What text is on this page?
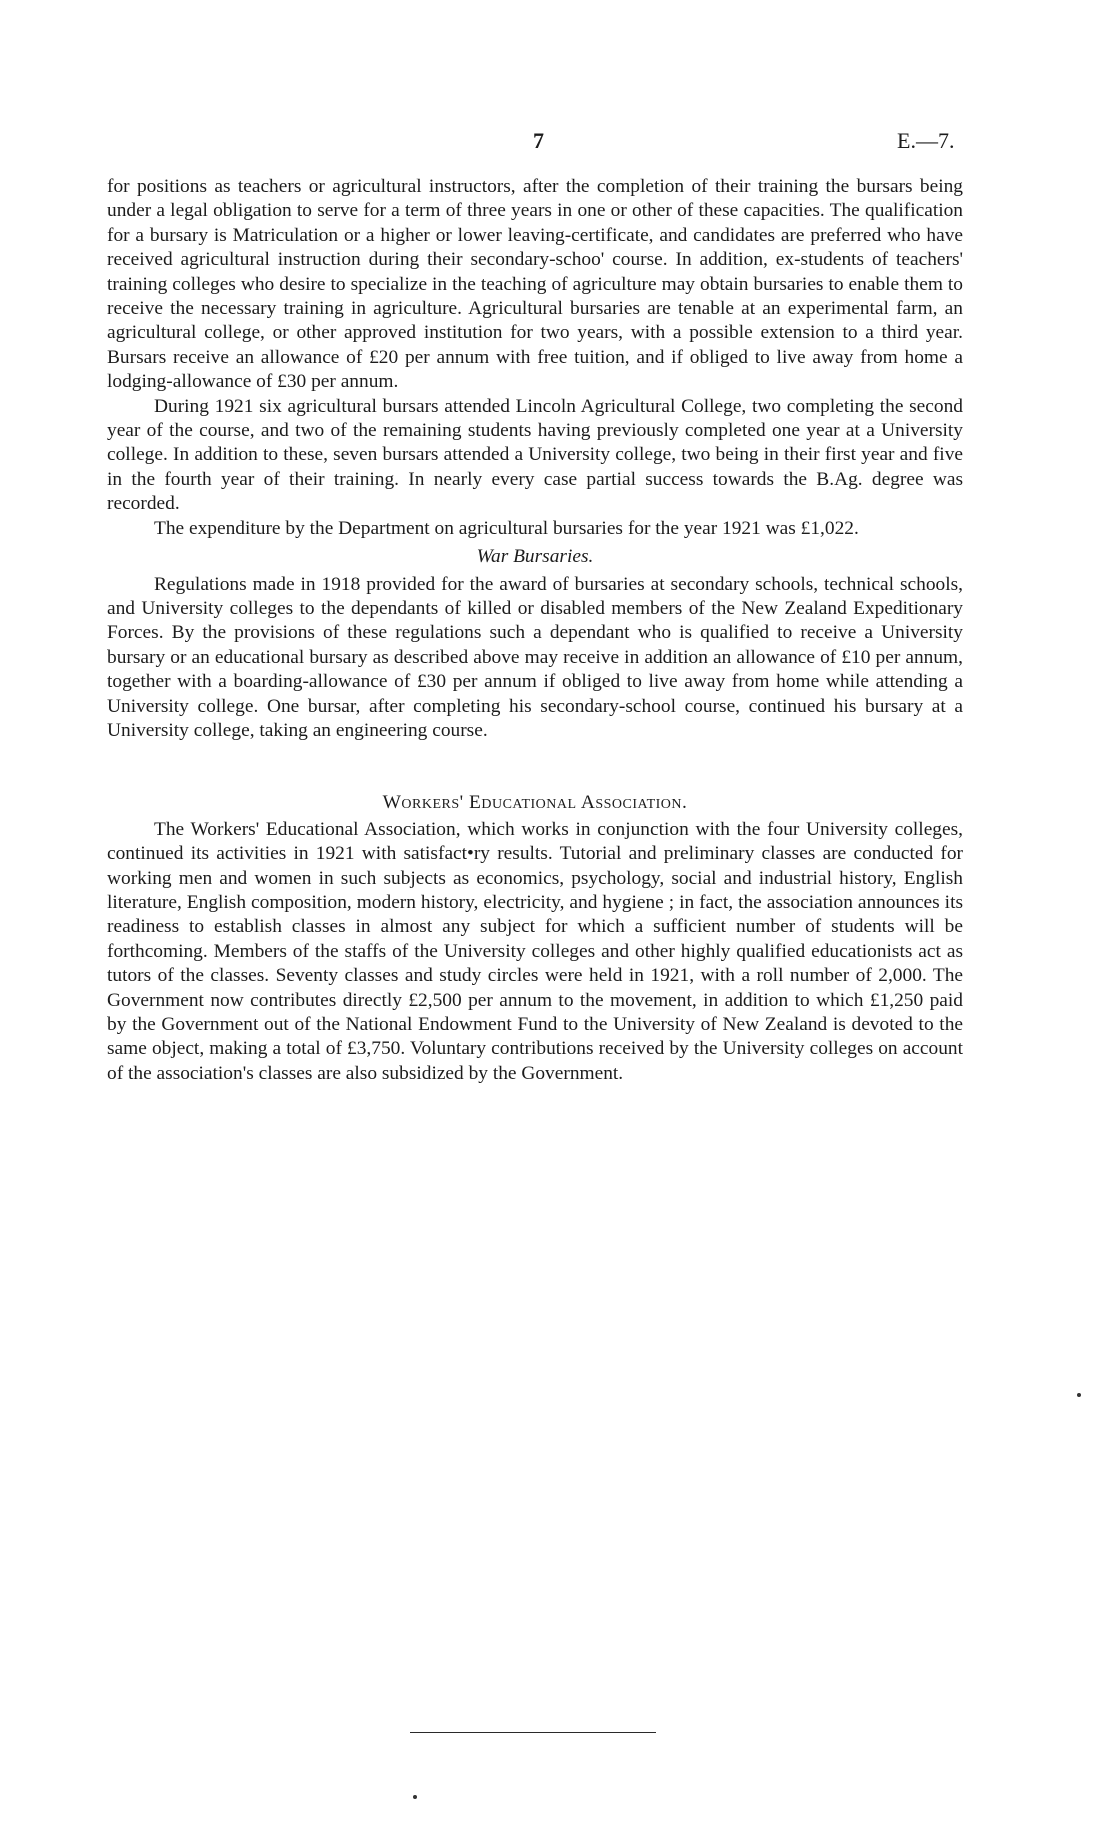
7	E.—7.

for positions as teachers or agricultural instructors, after the completion of their training the bursars being under a legal obligation to serve for a term of three years in one or other of these capacities. The qualification for a bursary is Matriculation or a higher or lower leaving-certificate, and candidates are preferred who have received agricultural instruction during their secondary-schoo' course. In addition, ex-students of teachers' training colleges who desire to specialize in the teaching of agriculture may obtain bursaries to enable them to receive the necessary training in agriculture. Agricultural bursaries are tenable at an experimental farm, an agricultural college, or other approved institution for two years, with a possible extension to a third year. Bursars receive an allowance of £20 per annum with free tuition, and if obliged to live away from home a lodging-allowance of £30 per annum.

During 1921 six agricultural bursars attended Lincoln Agricultural College, two completing the second year of the course, and two of the remaining students having previously completed one year at a University college. In addition to these, seven bursars attended a University college, two being in their first year and five in the fourth year of their training. In nearly every case partial success towards the B.Ag. degree was recorded.

The expenditure by the Department on agricultural bursaries for the year 1921 was £1,022.

War Bursaries.

Regulations made in 1918 provided for the award of bursaries at secondary schools, technical schools, and University colleges to the dependants of killed or disabled members of the New Zealand Expeditionary Forces. By the provisions of these regulations such a dependant who is qualified to receive a University bursary or an educational bursary as described above may receive in addition an allowance of £10 per annum, together with a boarding-allowance of £30 per annum if obliged to live away from home while attending a University college. One bursar, after completing his secondary-school course, continued his bursary at a University college, taking an engineering course.

Workers' Educational Association.

The Workers' Educational Association, which works in conjunction with the four University colleges, continued its activities in 1921 with satisfact•ry results. Tutorial and preliminary classes are conducted for working men and women in such subjects as economics, psychology, social and industrial history, English literature, English composition, modern history, electricity, and hygiene ; in fact, the association announces its readiness to establish classes in almost any subject for which a sufficient number of students will be forthcoming. Members of the staffs of the University colleges and other highly qualified educationists act as tutors of the classes. Seventy classes and study circles were held in 1921, with a roll number of 2,000. The Government now contributes directly £2,500 per annum to the movement, in addition to which £1,250 paid by the Government out of the National Endowment Fund to the University of New Zealand is devoted to the same object, making a total of £3,750. Voluntary contributions received by the University colleges on account of the association's classes are also subsidized by the Government.
